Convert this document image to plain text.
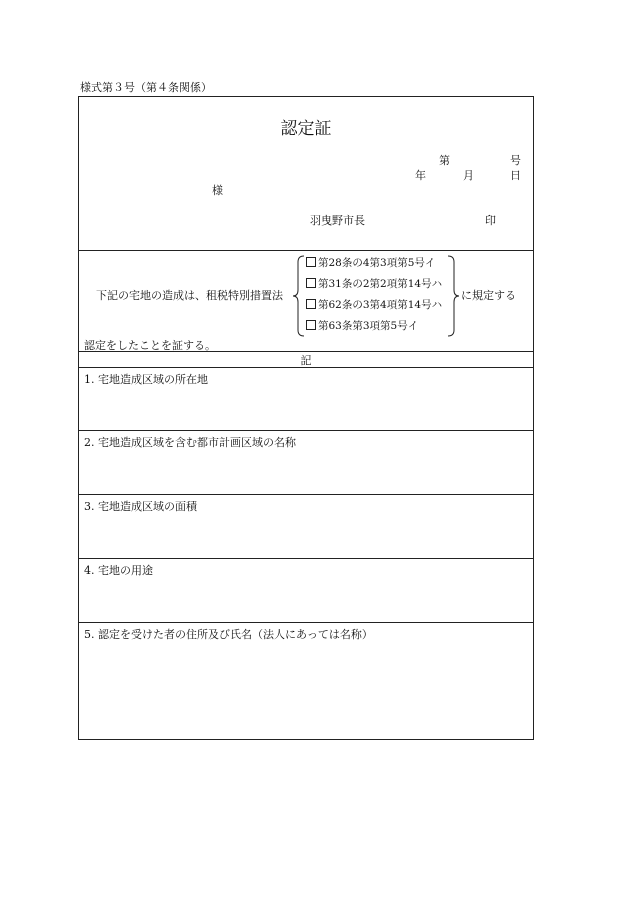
様式第３号（第４条関係）
認定証
第	号
年	月	日
様
羽曳野市長	印
下記の宅地の造成は、租税特別措置法
第28条の4第3項第5号イ
第31条の2第2項第14号ハ
第62条の3第4項第14号ハ
第63条第3項第5号イ
に規定する
認定をしたことを証する。
記
1. 宅地造成区域の所在地
2. 宅地造成区域を含む都市計画区域の名称
3. 宅地造成区域の面積
4. 宅地の用途
5. 認定を受けた者の住所及び氏名（法人にあっては名称）
